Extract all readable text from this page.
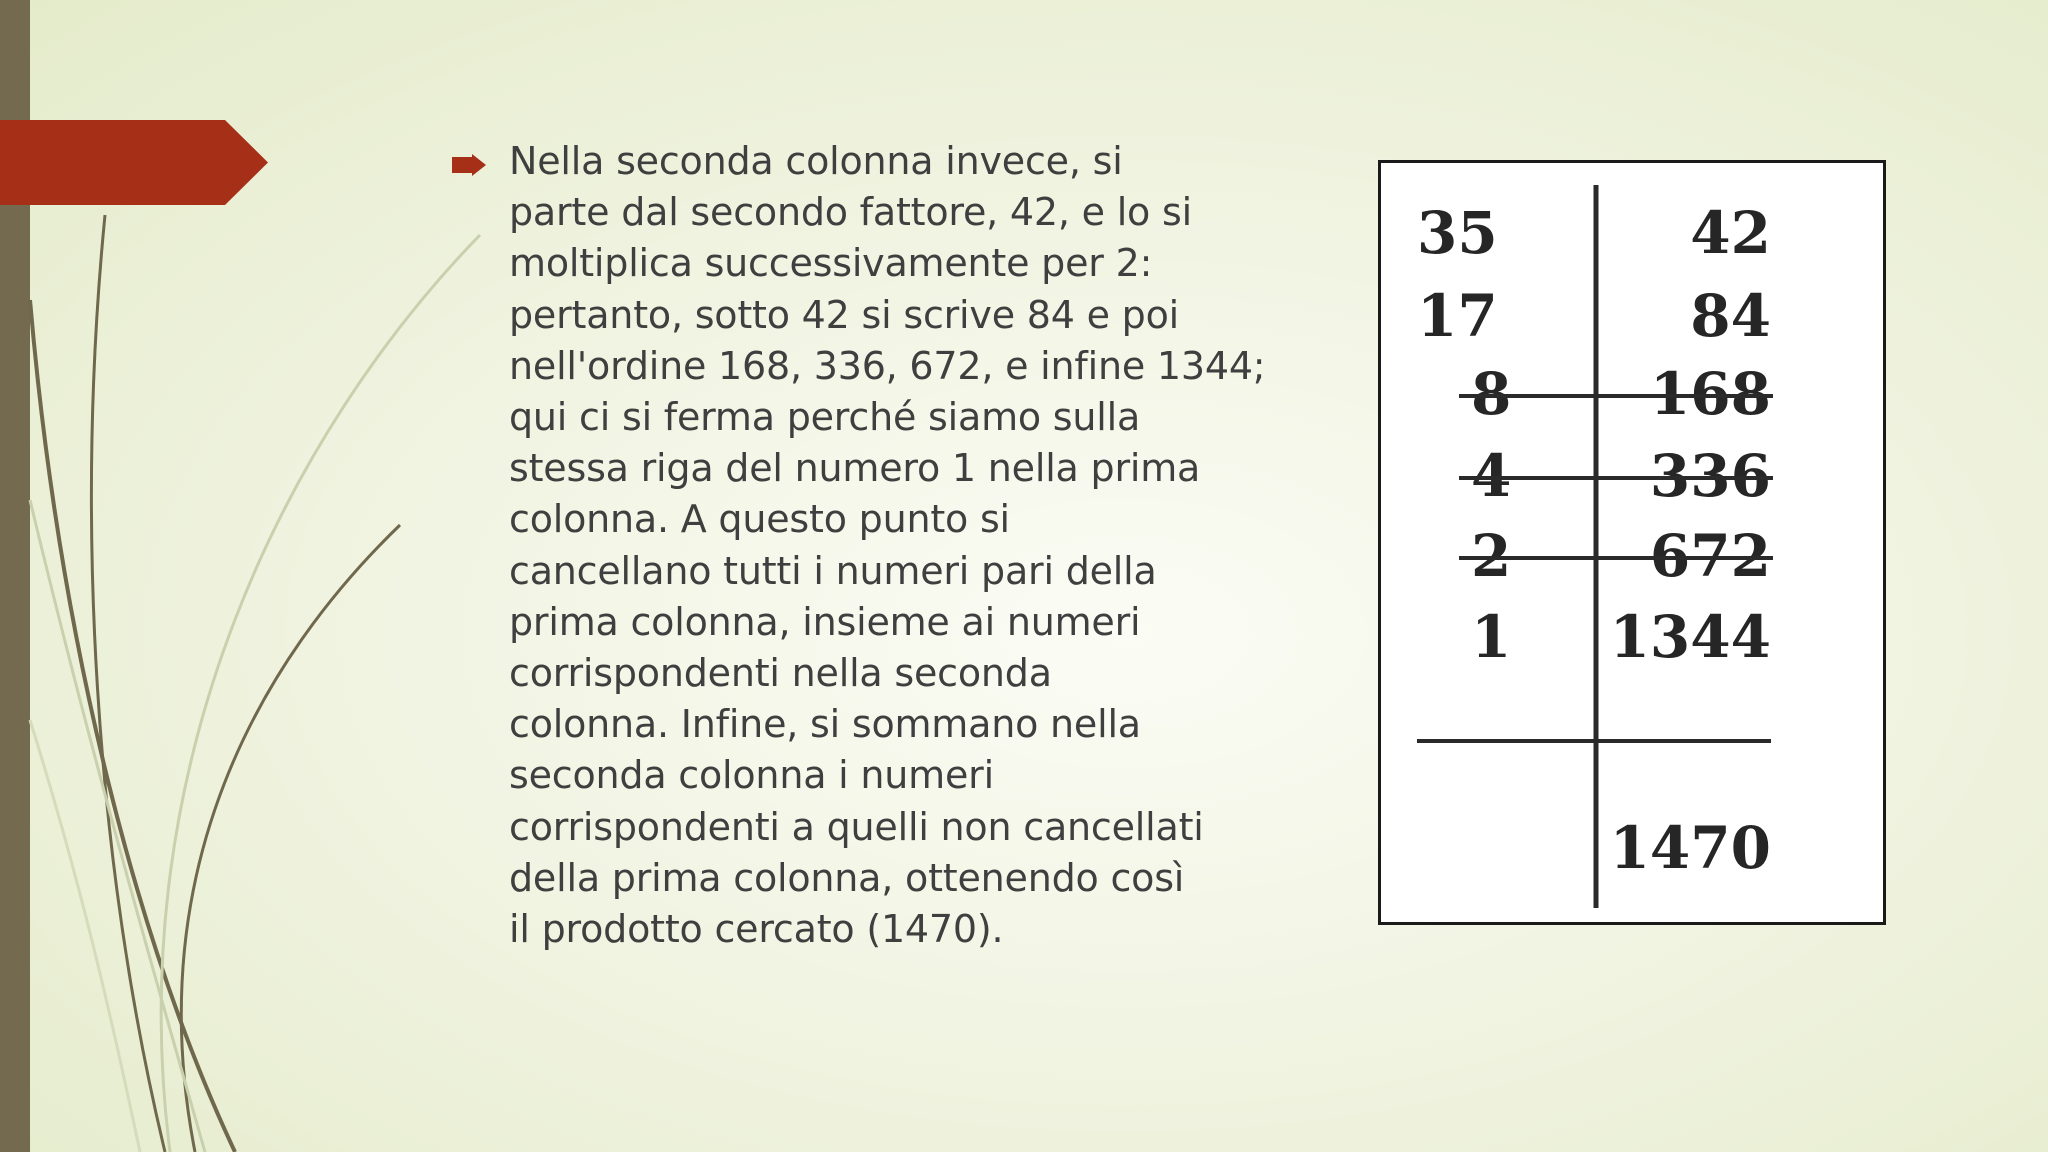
Nella seconda colonna invece, si
parte dal secondo fattore, 42, e lo si
moltiplica successivamente per 2:
pertanto, sotto 42 si scrive 84 e poi
nell'ordine 168, 336, 672, e infine 1344;
qui ci si ferma perché siamo sulla
stessa riga del numero 1 nella prima
colonna. A questo punto si
cancellano tutti i numeri pari della
prima colonna, insieme ai numeri
corrispondenti nella seconda
colonna. Infine, si sommano nella
seconda colonna i numeri
corrispondenti a quelli non cancellati
della prima colonna, ottenendo così
il prodotto cercato (1470).

35	42
17	84
8 168
4 336
2 672
1 1344
1470
